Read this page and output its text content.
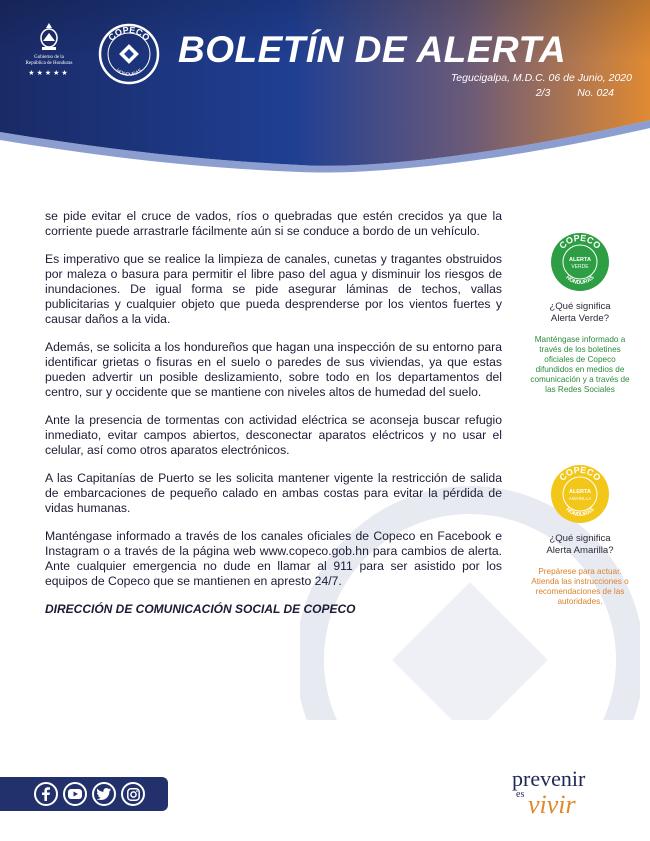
Gobierno de la
República de Honduras
★★★★★
COPECO
HONDURAS
BOLETÍN DE ALERTA
Tegucigalpa, M.D.C. 06 de Junio, 2020
2/3	No. 024

se pide evitar el cruce de vados, ríos o quebradas que estén crecidos ya que la corriente puede arrastrarle fácilmente aún si se conduce a bordo de un vehículo.

Es imperativo que se realice la limpieza de canales, cunetas y tragantes obstruidos por maleza o basura para permitir el libre paso del agua y disminuir los riesgos de inundaciones. De igual forma se pide asegurar láminas de techos, vallas publicitarias y cualquier objeto que pueda desprenderse por los vientos fuertes y causar daños a la vida.

Además, se solicita a los hondureños que hagan una inspección de su entorno para identificar grietas o fisuras en el suelo o paredes de sus viviendas, ya que estas pueden advertir un posible deslizamiento, sobre todo en los departamentos del centro, sur y occidente que se mantiene con niveles altos de humedad del suelo.

Ante la presencia de tormentas con actividad eléctrica se aconseja buscar refugio inmediato, evitar campos abiertos, desconectar aparatos eléctricos y no usar el celular, así como otros aparatos electrónicos.

A las Capitanías de Puerto se les solicita mantener vigente la restricción de salida de embarcaciones de pequeño calado en ambas costas para evitar la pérdida de vidas humanas.

Manténgase informado a través de los canales oficiales de Copeco en Facebook e Instagram o a través de la página web www.copeco.gob.hn para cambios de alerta. Ante cualquier emergencia no dude en llamar al 911 para ser asistido por los equipos de Copeco que se mantienen en apresto 24/7.

DIRECCIÓN DE COMUNICACIÓN SOCIAL DE COPECO
COPECO
HONDURAS
ALERTA
VERDE
¿Qué significa
Alerta Verde?
Manténgase informado a través de los boletines oficiales de Copeco difundidos en medios de comunicación y a través de las Redes Sociales
COPECO
HONDURAS
ALERTA
AMARILLA
¿Qué significa
Alerta Amarilla?
Prepárese para actuar. Atienda las instrucciones o recomendaciones de las autoridades.
prevenir
es vivir
